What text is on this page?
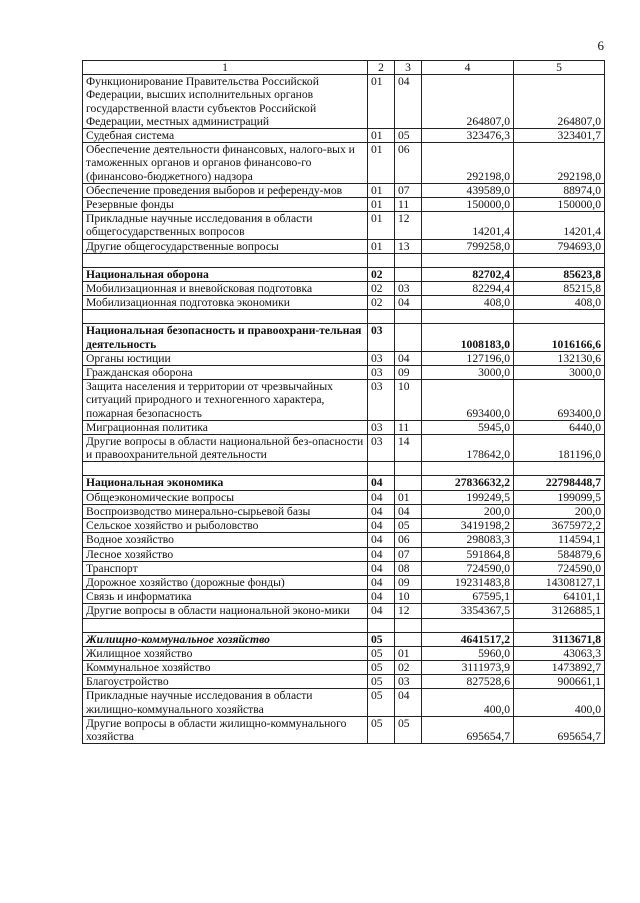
6
1	2	3	4	5
Функционирование Правительства Российской Федерации, высших исполнительных органов государственной власти субъектов Российской Федерации, местных администраций	01	04	264807,0	264807,0
Судебная система	01	05	323476,3	323401,7
Обеспечение деятельности финансовых, налого-вых и таможенных органов и органов финансово-го (финансово-бюджетного) надзора	01	06	292198,0	292198,0
Обеспечение проведения выборов и референду-мов	01	07	439589,0	88974,0
Резервные фонды	01	11	150000,0	150000,0
Прикладные научные исследования в области общегосударственных вопросов	01	12	14201,4	14201,4
Другие общегосударственные вопросы	01	13	799258,0	794693,0

Национальная оборона	02		82702,4	85623,8
Мобилизационная и вневойсковая подготовка	02	03	82294,4	85215,8
Мобилизационная подготовка экономики	02	04	408,0	408,0

Национальная безопасность и правоохрани-тельная деятельность	03		1008183,0	1016166,6
Органы юстиции	03	04	127196,0	132130,6
Гражданская оборона	03	09	3000,0	3000,0
Защита населения и территории от чрезвычайных ситуаций природного и техногенного характера, пожарная безопасность	03	10	693400,0	693400,0
Миграционная политика	03	11	5945,0	6440,0
Другие вопросы в области национальной без-опасности и правоохранительной деятельности	03	14	178642,0	181196,0

Национальная экономика	04		27836632,2	22798448,7
Общеэкономические вопросы	04	01	199249,5	199099,5
Воспроизводство минерально-сырьевой базы	04	04	200,0	200,0
Сельское хозяйство и рыболовство	04	05	3419198,2	3675972,2
Водное хозяйство	04	06	298083,3	114594,1
Лесное хозяйство	04	07	591864,8	584879,6
Транспорт	04	08	724590,0	724590,0
Дорожное хозяйство (дорожные фонды)	04	09	19231483,8	14308127,1
Связь и информатика	04	10	67595,1	64101,1
Другие вопросы в области национальной эконо-мики	04	12	3354367,5	3126885,1

Жилищно-коммунальное хозяйство	05		4641517,2	3113671,8
Жилищное хозяйство	05	01	5960,0	43063,3
Коммунальное хозяйство	05	02	3111973,9	1473892,7
Благоустройство	05	03	827528,6	900661,1
Прикладные научные исследования в области жилищно-коммунального хозяйства	05	04	400,0	400,0
Другие вопросы в области жилищно-коммунального хозяйства	05	05	695654,7	695654,7
